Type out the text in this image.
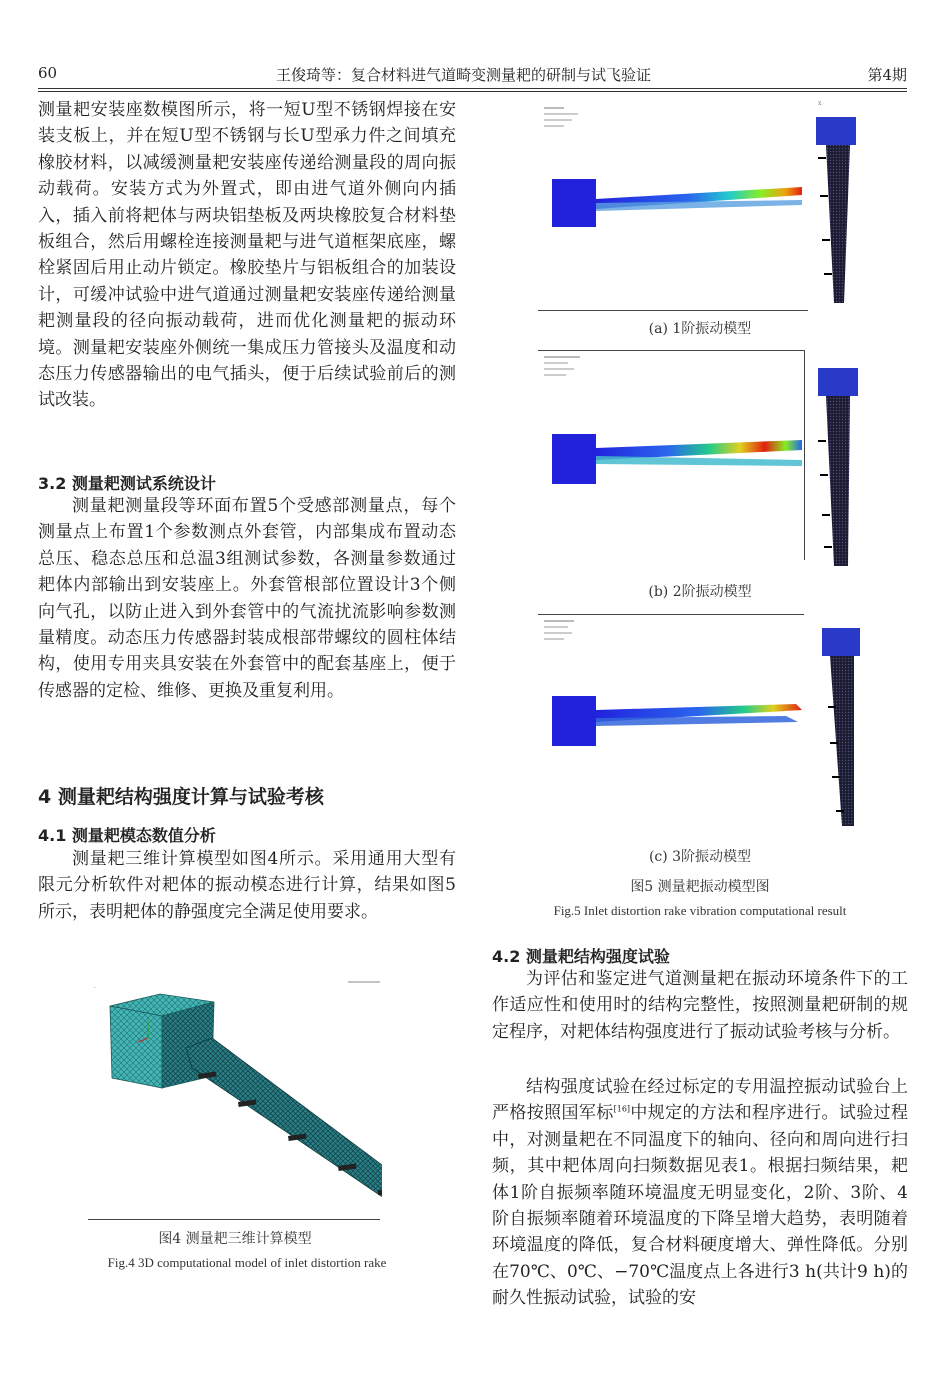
60	王俊琦等：复合材料进气道畸变测量耙的研制与试飞验证	第4期

测量耙安装座数模图所示，将一短U型不锈钢焊接在安装支板上，并在短U型不锈钢与长U型承力件之间填充橡胶材料，以减缓测量耙安装座传递给测量段的周向振动载荷。安装方式为外置式，即由进气道外侧向内插入，插入前将耙体与两块铝垫板及两块橡胶复合材料垫板组合，然后用螺栓连接测量耙与进气道框架底座，螺栓紧固后用止动片锁定。橡胶垫片与铝板组合的加装设计，可缓冲试验中进气道通过测量耙安装座传递给测量耙测量段的径向振动载荷，进而优化测量耙的振动环境。测量耙安装座外侧统一集成压力管接头及温度和动态压力传感器输出的电气插头，便于后续试验前后的测试改装。

3.2 测量耙测试系统设计

测量耙测量段等环面布置5个受感部测量点，每个测量点上布置1个参数测点外套管，内部集成布置动态总压、稳态总压和总温3组测试参数，各测量参数通过耙体内部输出到安装座上。外套管根部位置设计3个侧向气孔，以防止进入到外套管中的气流扰流影响参数测量精度。动态压力传感器封装成根部带螺纹的圆柱体结构，使用专用夹具安装在外套管中的配套基座上，便于传感器的定检、维修、更换及重复利用。

4 测量耙结构强度计算与试验考核
4.1 测量耙模态数值分析

测量耙三维计算模型如图4所示。采用通用大型有限元分析软件对耙体的振动模态进行计算，结果如图5所示，表明耙体的静强度完全满足使用要求。

.
图4 测量耙三维计算模型
Fig.4 3D computational model of inlet distortion rake
x
(a) 1阶振动模型
(b) 2阶振动模型
(c) 3阶振动模型
图5 测量耙振动模型图
Fig.5 Inlet distortion rake vibration computational result
4.2 测量耙结构强度试验

为评估和鉴定进气道测量耙在振动环境条件下的工作适应性和使用时的结构完整性，按照测量耙研制的规定程序，对耙体结构强度进行了振动试验考核与分析。

结构强度试验在经过标定的专用温控振动试验台上严格按照国军标[16]中规定的方法和程序进行。试验过程中，对测量耙在不同温度下的轴向、径向和周向进行扫频，其中耙体周向扫频数据见表1。根据扫频结果，耙体1阶自振频率随环境温度无明显变化，2阶、3阶、4阶自振频率随着环境温度的下降呈增大趋势，表明随着环境温度的降低，复合材料硬度增大、弹性降低。分别在70℃、0℃、−70℃温度点上各进行3 h(共计9 h)的耐久性振动试验，试验的安
